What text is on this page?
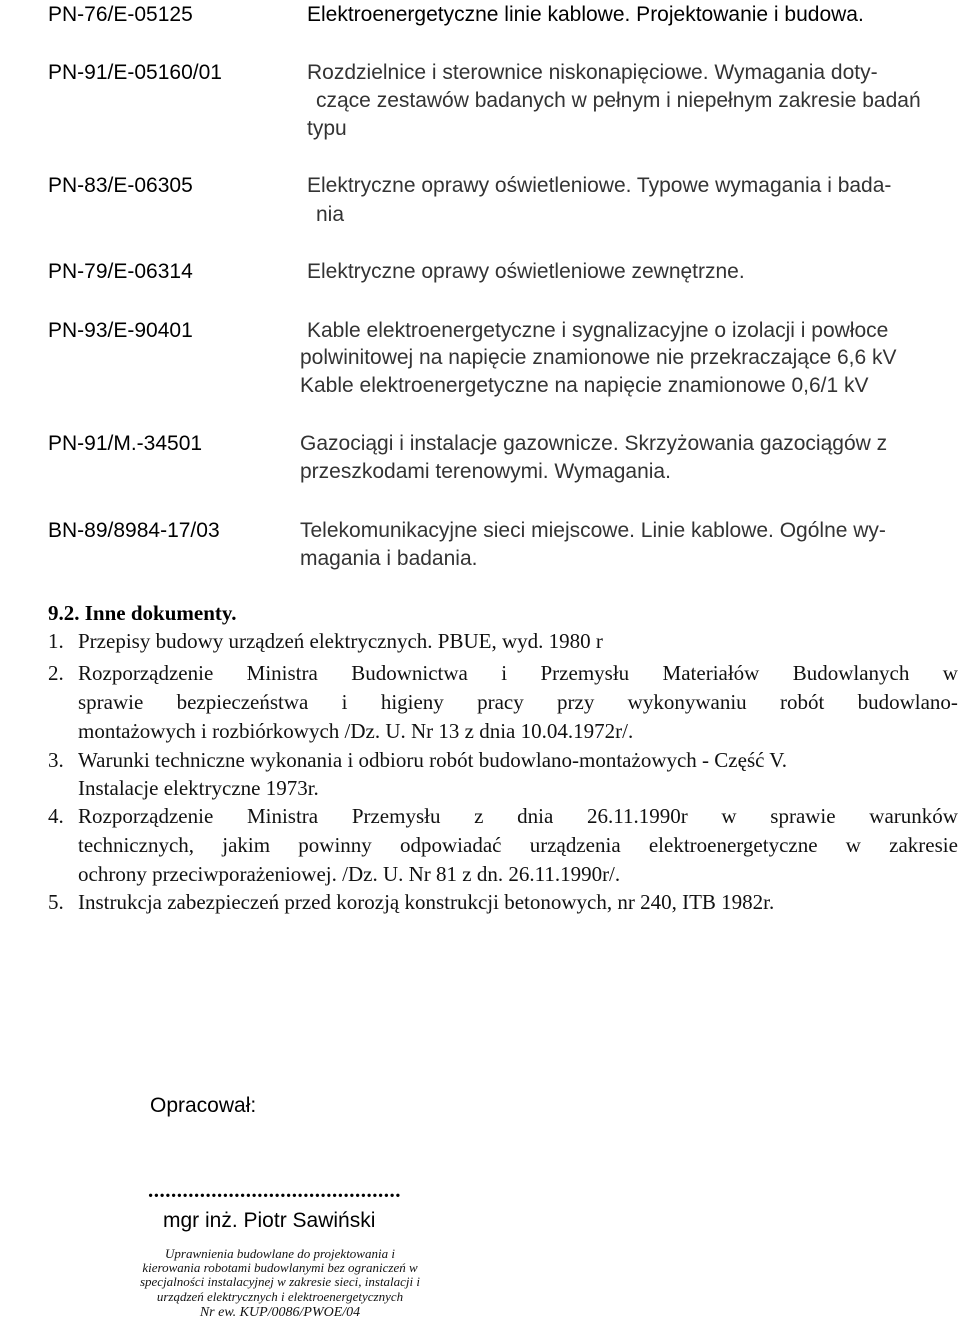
PN-76/E-05125
PN-91/E-05160/01
PN-83/E-06305
PN-79/E-06314
PN-93/E-90401
PN-91/M.-34501
BN-89/8984-17/03
Elektroenergetyczne linie kablowe. Projektowanie i budowa.
Rozdzielnice i sterownice niskonapięciowe. Wymagania doty-
czące zestawów badanych w pełnym i niepełnym zakresie badań
typu
Elektryczne oprawy oświetleniowe. Typowe wymagania i bada-
nia
Elektryczne oprawy oświetleniowe zewnętrzne.
Kable elektroenergetyczne i sygnalizacyjne o izolacji i powłoce
polwinitowej na napięcie znamionowe nie przekraczające 6,6 kV
Kable elektroenergetyczne na napięcie znamionowe 0,6/1 kV
Gazociągi i instalacje gazownicze. Skrzyżowania gazociągów z
przeszkodami terenowymi. Wymagania.
Telekomunikacyjne sieci miejscowe. Linie kablowe. Ogólne wy-
magania i badania.
9.2. Inne dokumenty.
1. Przepisy budowy urządzeń elektrycznych. PBUE, wyd. 1980 r
2. Rozporządzenie Ministra Budownictwa i Przemysłu Materiałów Budowlanych w
sprawie bezpieczeństwa i higieny pracy przy wykonywaniu robót budowlano-
montażowych i rozbiórkowych /Dz. U. Nr 13 z dnia 10.04.1972r/.
3. Warunki techniczne wykonania i odbioru robót budowlano-montażowych - Część V.
Instalacje elektryczne 1973r.
4. Rozporządzenie Ministra Przemysłu z dnia 26.11.1990r w sprawie warunków
technicznych, jakim powinny odpowiadać urządzenia elektroenergetyczne w zakresie
ochrony przeciwporażeniowej. /Dz. U. Nr 81 z dn. 26.11.1990r/.
5. Instrukcja zabezpieczeń przed korozją konstrukcji betonowych, nr 240, ITB 1982r.
Opracował:
............................................
mgr inż. Piotr Sawiński
Uprawnienia budowlane do projektowania i
kierowania robotami budowlanymi bez ograniczeń w
specjalności instalacyjnej w zakresie sieci, instalacji i
urządzeń elektrycznych i elektroenergetycznych
Nr ew. KUP/0086/PWOE/04
